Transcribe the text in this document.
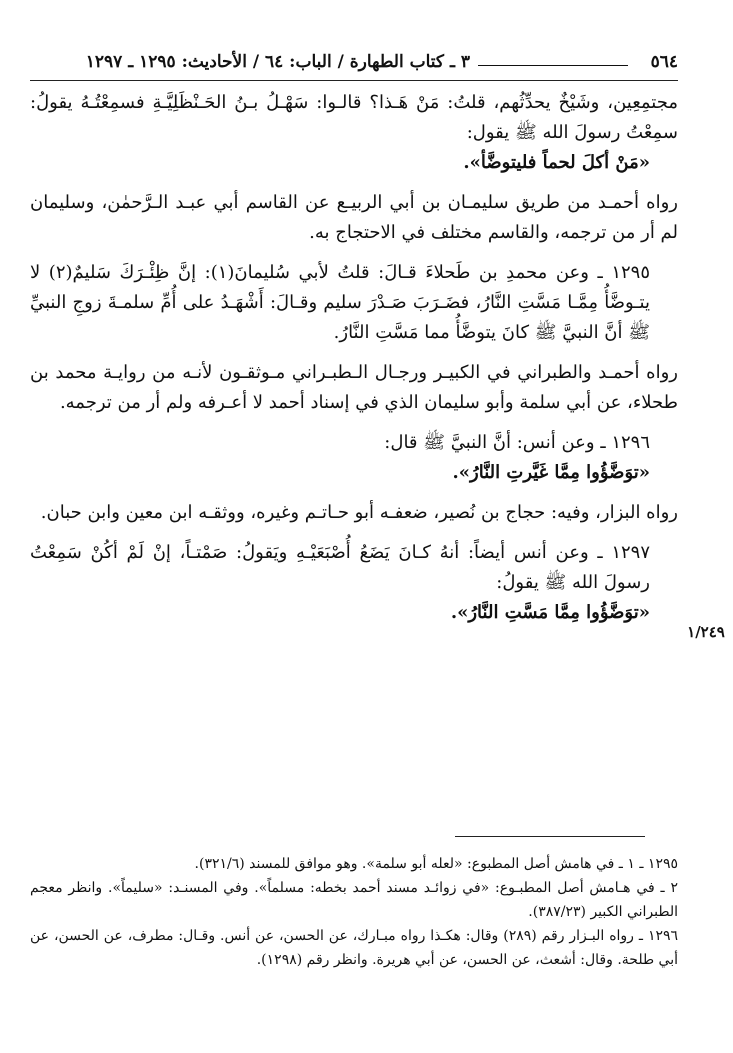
٥٦٤
٣ ـ كتاب الطهارة / الباب: ٦٤ / الأحاديث: ١٢٩٥ ـ ١٢٩٧

مجتمِعِين، وشَيْخٌ يحدِّثُهم، قلتُ: مَنْ هَـذا؟ قالـوا: سَهْـلُ بـنُ الحَـنْظَلِيَّـةِ فسمِعْتُـهُ يقولُ: سمِعْتُ رسولَ الله ﷺ يقول:

«مَنْ أكلَ لحماً فليتوضَّأ».

رواه أحمـد من طريق سليمـان بن أبي الربيـع عن القاسم أبي عبـد الـرَّحمٰن، وسليمان لم أر من ترجمه، والقاسم مختلف في الاحتجاج به.

١٢٩٥ ـ وعن محمدِ بن طَحلاءَ قـالَ: قلتُ لأبي سُليمانَ(١): إنَّ ظِئْـرَكَ سَليمٌ(٢) لا يتـوضَّأُ مِمَّـا مَسَّتِ النَّارُ، فضَـرَبَ صَـدْرَ سليم وقـالَ: أَشْهَـدُ على أُمِّ سلمـةَ زوجِ النبيِّ ﷺ أنَّ النبيَّ ﷺ كانَ يتوضَّأُ مما مَسَّتِ النَّارُ.

رواه أحمـد والطبراني في الكبيـر ورجـال الـطبـراني مـوثقـون لأنـه من روايـة محمد بن طحلاء، عن أبي سلمة وأبو سليمان الذي في إسناد أحمد لا أعـرفه ولم أر من ترجمه.

١٢٩٦ ـ وعن أنس: أنَّ النبيَّ ﷺ قال:

«توَضَّؤُوا مِمَّا غَيَّرتِ النَّارُ».

رواه البزار، وفيه: حجاج بن نُصير، ضعفـه أبو حـاتـم وغيره، ووثقـه ابن معين وابن حبان.

١٢٩٧ ـ وعن أنس أيضاً: أنهُ كـانَ يَضَعُ أُصْبَعَيْـهِ ويَقولُ: صَمْتـاً، إنْ لَمْ أكُنْ سَمِعْتُ رسولَ الله ﷺ يقولُ:

«توَضَّؤُوا مِمَّا مَسَّتِ النَّارُ».

١/٢٤٩

١٢٩٥ ـ ١ ـ في هامش أصل المطبوع: «لعله أبو سلمة». وهو موافق للمسند (٣٢١/٦).

٢ ـ في هـامش أصل المطبـوع: «في زوائـد مسند أحمد بخطه: مسلماً». وفي المسنـد: «سليماً». وانظر معجم الطبراني الكبير (٣٨٧/٢٣).

١٢٩٦ ـ رواه البـزار رقم (٢٨٩) وقال: هكـذا رواه مبـارك، عن الحسن، عن أنس. وقـال: مطرف، عن الحسن، عن أبي طلحة. وقال: أشعث، عن الحسن، عن أبي هريرة. وانظر رقم (١٢٩٨).
